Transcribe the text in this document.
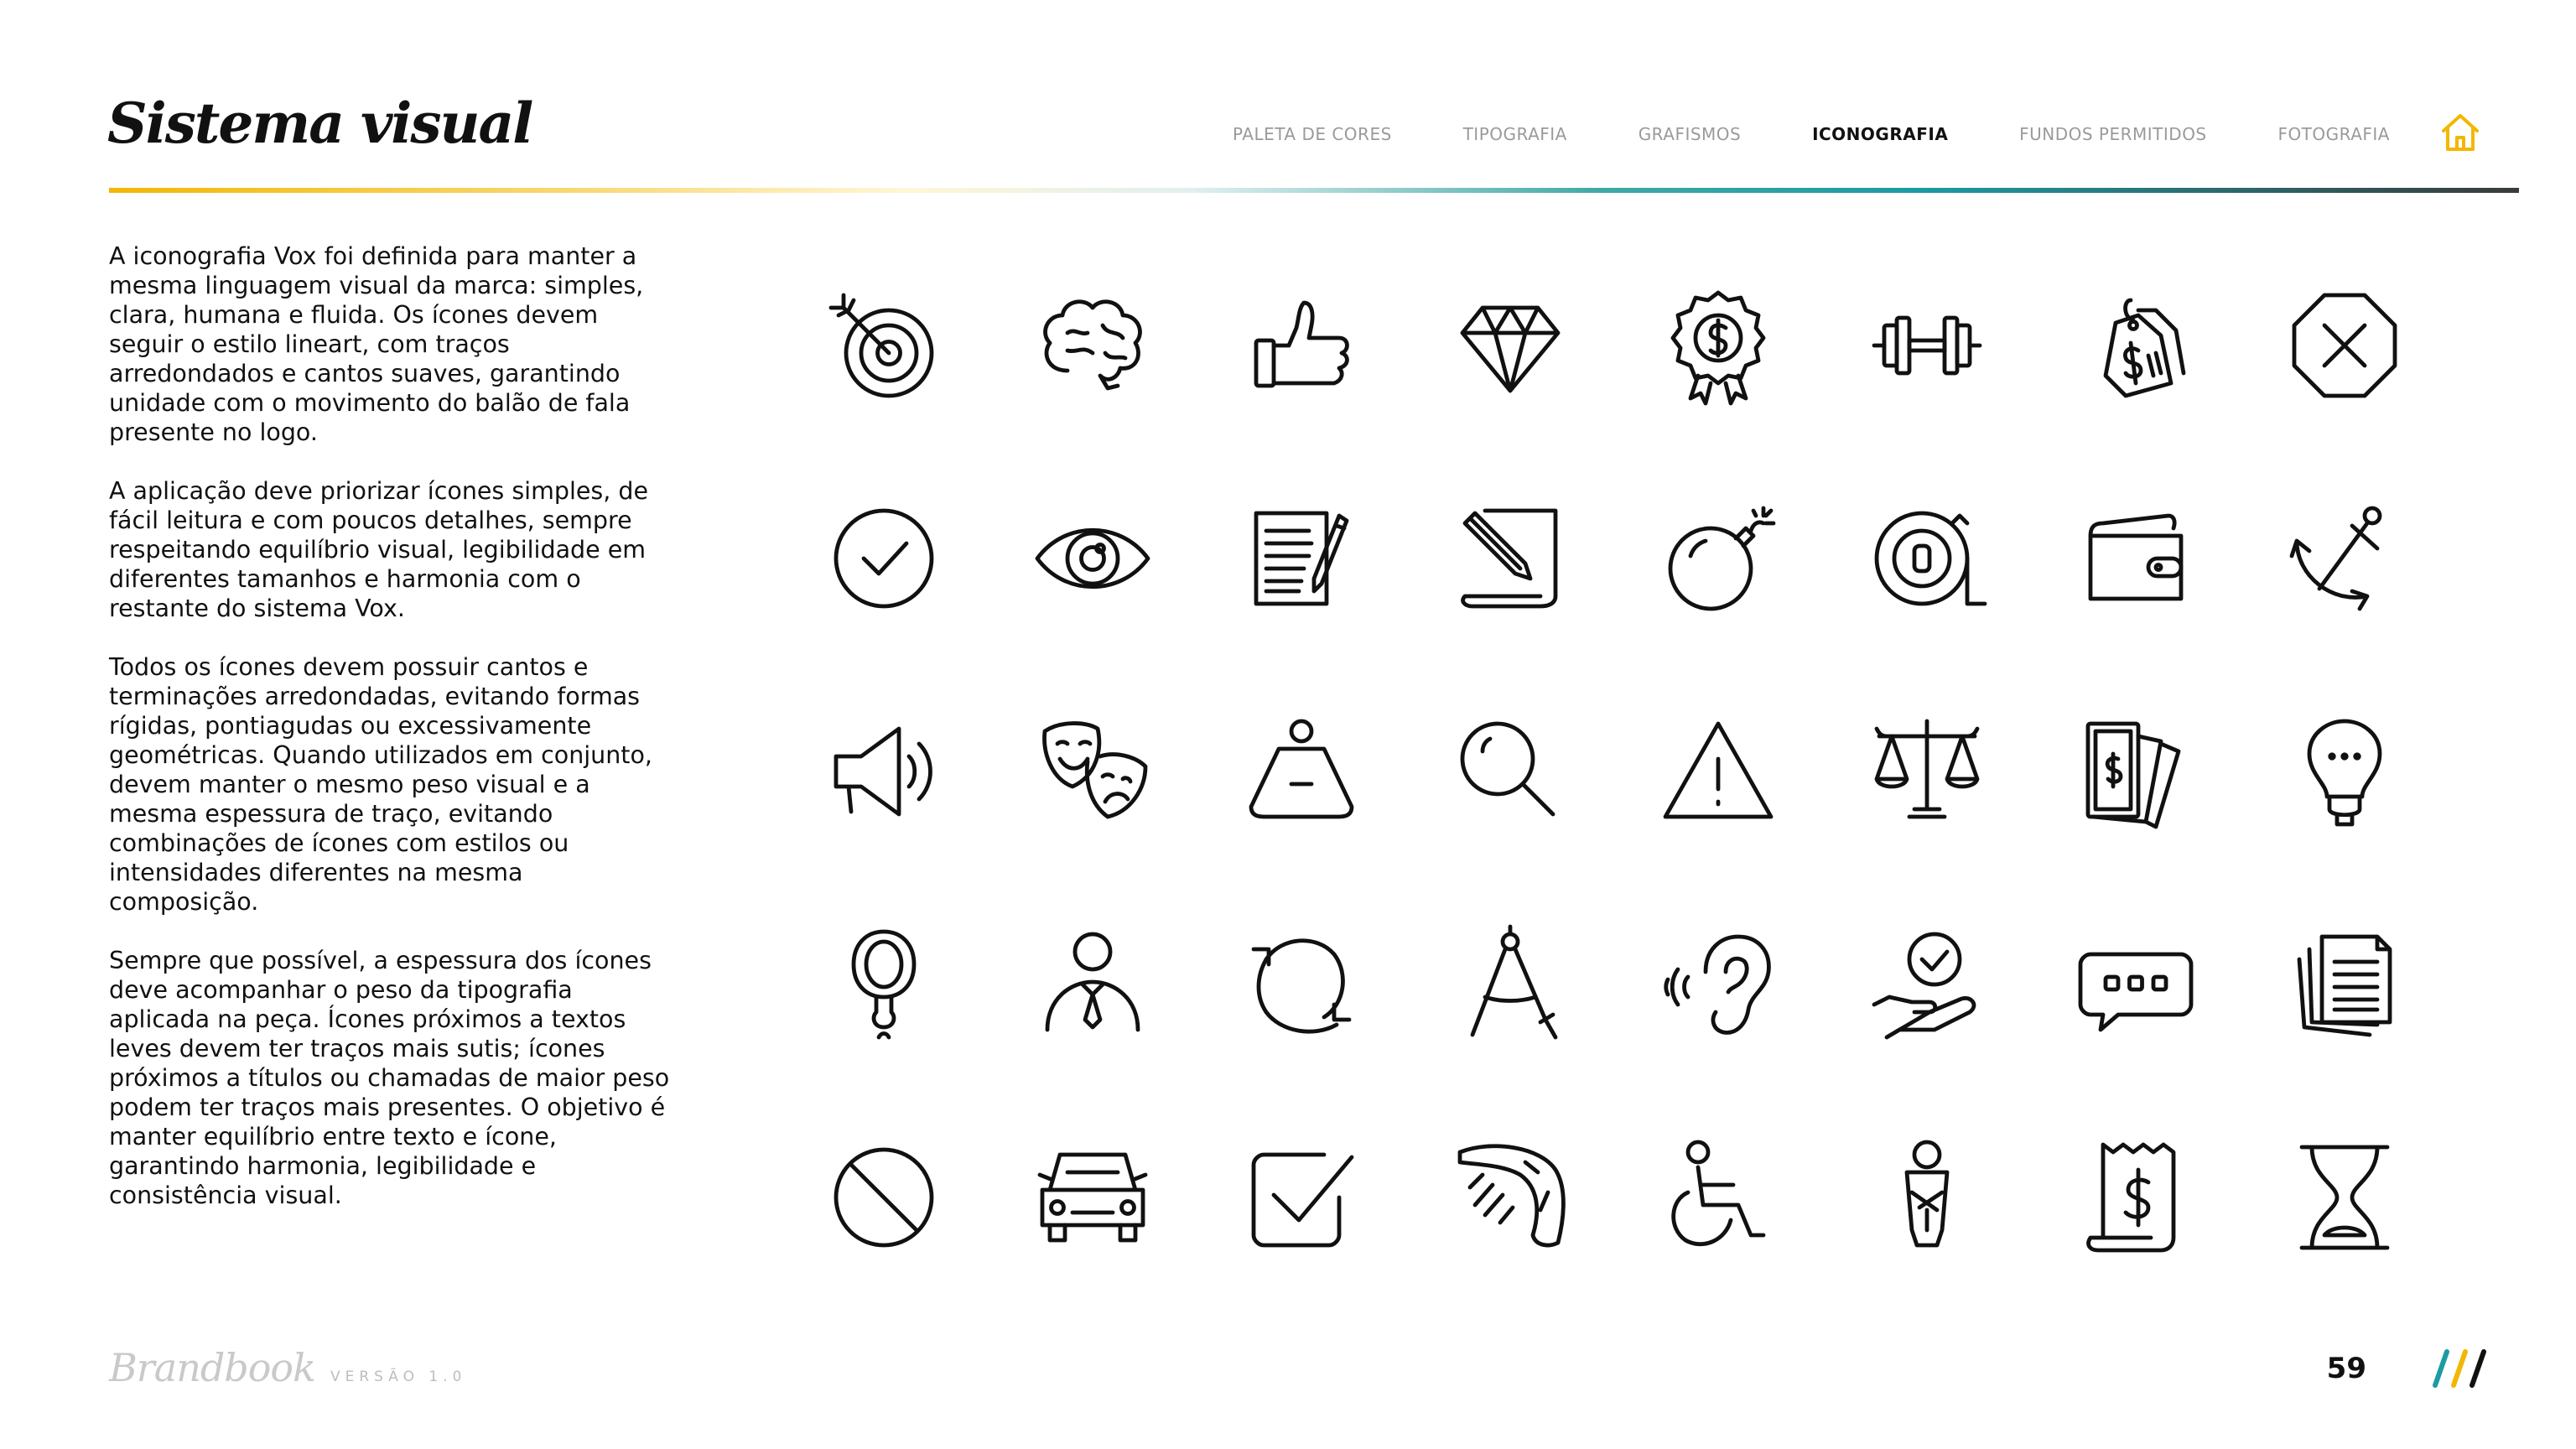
Sistema visual	PALETA DE CORES	TIPOGRAFIA	GRAFISMOS	ICONOGRAFIA	FUNDOS PERMITIDOS	FOTOGRAFIA

A iconografia Vox foi definida para manter a mesma linguagem visual da marca: simples, clara, humana e fluida. Os ícones devem seguir o estilo lineart, com traços arredondados e cantos suaves, garantindo unidade com o movimento do balão de fala presente no logo.

A aplicação deve priorizar ícones simples, de fácil leitura e com poucos detalhes, sempre respeitando equilíbrio visual, legibilidade em diferentes tamanhos e harmonia com o restante do sistema Vox.

Todos os ícones devem possuir cantos e terminações arredondadas, evitando formas rígidas, pontiagudas ou excessivamente geométricas. Quando utilizados em conjunto, devem manter o mesmo peso visual e a mesma espessura de traço, evitando combinações de ícones com estilos ou intensidades diferentes na mesma composição.

Sempre que possível, a espessura dos ícones deve acompanhar o peso da tipografia aplicada na peça. Ícones próximos a textos leves devem ter traços mais sutis; ícones próximos a títulos ou chamadas de maior peso podem ter traços mais presentes. O objetivo é manter equilíbrio entre texto e ícone, garantindo harmonia, legibilidade e consistência visual.

Brandbook VERSÃO 1.0	59
